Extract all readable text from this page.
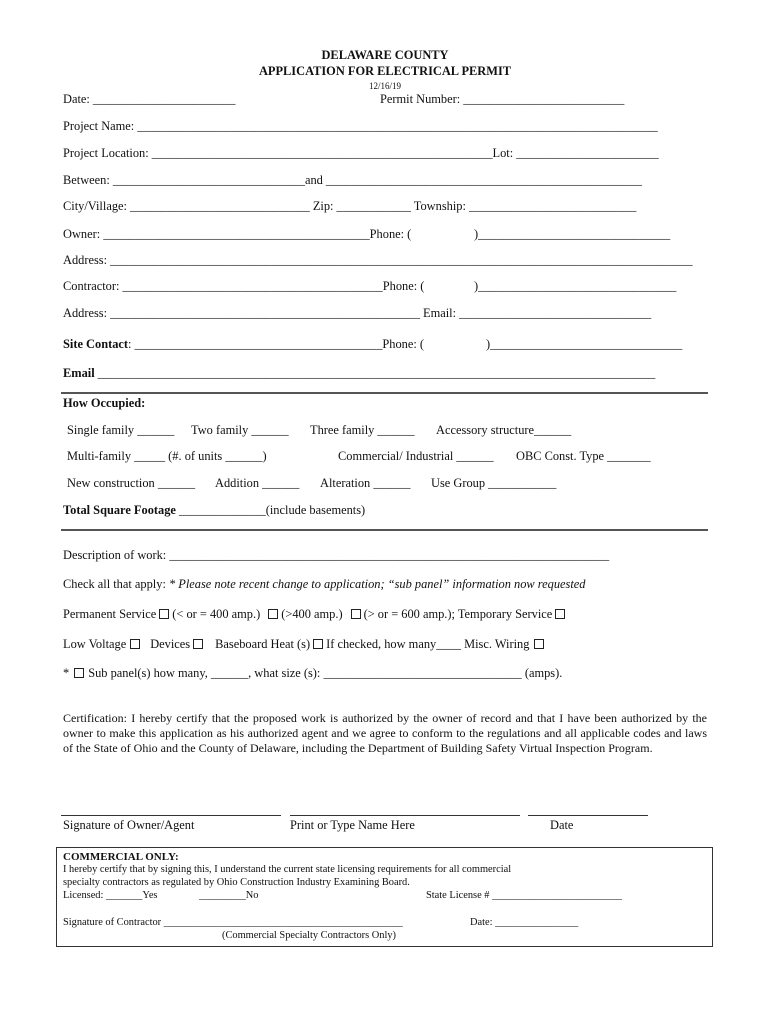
DELAWARE COUNTY
APPLICATION FOR ELECTRICAL PERMIT
12/16/19
Date: _______________________	Permit Number: __________________________
Project Name: ____________________________________________________________________________________
Project Location: _______________________________________________________Lot: _______________________
Between: _______________________________and ___________________________________________________
City/Village: _____________________________ Zip: ____________ Township: ___________________________
Owner: ___________________________________________Phone: (	)_______________________________
Address: ______________________________________________________________________________________________
Contractor: __________________________________________Phone: (	)________________________________
Address: __________________________________________________ Email: _______________________________
Site Contact: ________________________________________Phone: (	)_______________________________
Email __________________________________________________________________________________________
How Occupied:
Single family ______ Two family ______ Three family ______ Accessory structure______
Multi-family _____ (#. of units ______)	Commercial/ Industrial ______ OBC Const. Type _______
New construction ______ Addition ______ Alteration ______ Use Group ___________
Total Square Footage ______________(include basements)
Description of work: _______________________________________________________________________
Check all that apply: * Please note recent change to application; “sub panel” information now requested
Permanent Service (< or = 400 amp.) (>400 amp.) (> or = 600 amp.); Temporary Service
Low Voltage Devices Baseboard Heat (s) If checked, how many____ Misc. Wiring
* Sub panel(s) how many, ______, what size (s): ________________________________ (amps).
Certification: I hereby certify that the proposed work is authorized by the owner of record and that I have been authorized by the owner to make this application as his authorized agent and we agree to conform to the regulations and all applicable codes and laws of the State of Ohio and the County of Delaware, including the Department of Building Safety Virtual Inspection Program.
Signature of Owner/Agent	Print or Type Name Here	Date
COMMERCIAL ONLY:
I hereby certify that by signing this, I understand the current state licensing requirements for all commercial
specialty contractors as regulated by Ohio Construction Industry Examining Board.
Licensed: _______Yes	_________No	State License # _________________________
Signature of Contractor ______________________________________________	Date: ________________
(Commercial Specialty Contractors Only)
